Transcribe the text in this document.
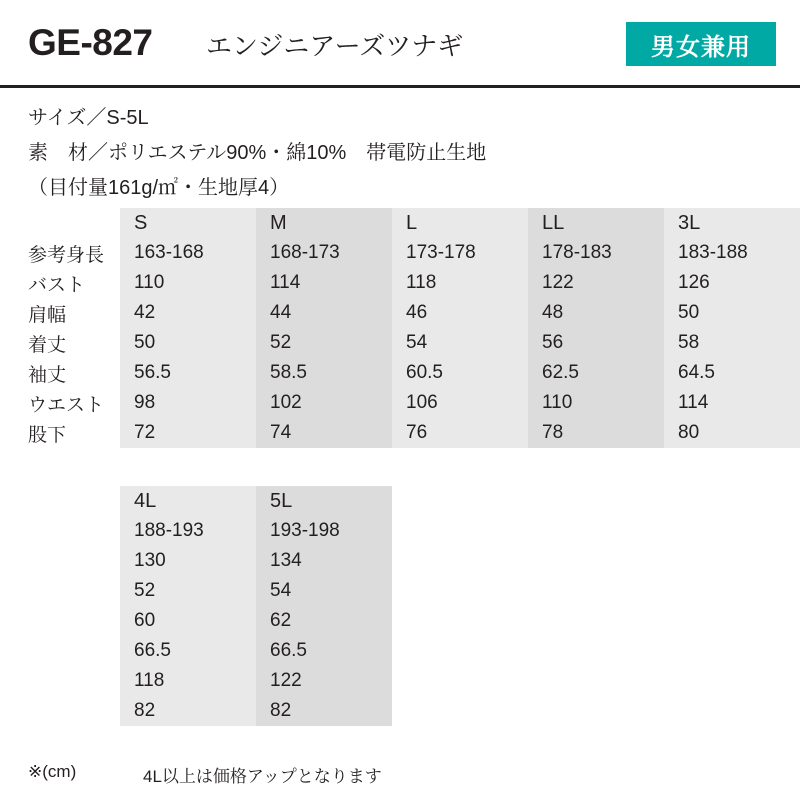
GE-827 エンジニアーズツナギ	男女兼用
サイズ／S-5L
素　材／ポリエステル90%・綿10%　帯電防止生地
（目付量161g/㎡・生地厚4）
	S	M	L	LL	3L
参考身長	163-168	168-173	173-178	178-183	183-188
バスト	110	114	118	122	126
肩幅	42	44	46	48	50
着丈	50	52	54	56	58
袖丈	56.5	58.5	60.5	62.5	64.5
ウエスト	98	102	106	110	114
股下	72	74	76	78	80
	4L	5L
	188-193	193-198
	130	134
	52	54
	60	62
	66.5	66.5
	118	122
	82	82
※(cm)	4L以上は価格アップとなります
